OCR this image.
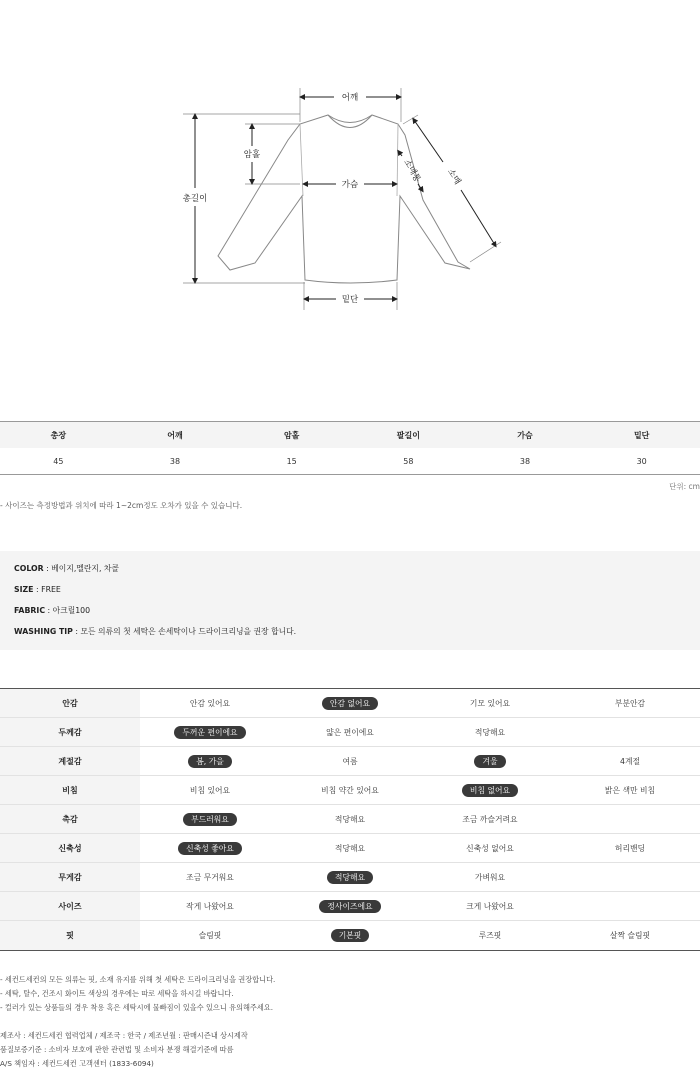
어깨
암홀
총길이
가슴
소매통	소매
밑단
총장	어깨	암홀	팔길이	가슴	밑단
45	38	15	58	38	30
단위: cm
- 사이즈는 측정방법과 위치에 따라 1~2cm정도 오차가 있을 수 있습니다.
COLOR : 베이지,멜란지, 차콜
SIZE : FREE
FABRIC : 아크릴100
WASHING TIP : 모든 의류의 첫 세탁은 손세탁이나 드라이크리닝을 권장 합니다.
안감	안감 있어요	안감 없어요	기모 있어요	부분안감
두께감	두꺼운 편이에요	얇은 편이에요	적당해요
계절감	봄, 가을	여름	겨울	4계절
비침	비침 있어요	비침 약간 있어요	비침 없어요	밝은 색만 비침
촉감	부드러워요	적당해요	조금 까슬거려요
신축성	신축성 좋아요	적당해요	신축성 없어요	허리밴딩
무게감	조금 무거워요	적당해요	가벼워요
사이즈	작게 나왔어요	정사이즈에요	크게 나왔어요
핏	슬림핏	기본핏	루즈핏	살짝 슬림핏
- 세컨드세컨의 모든 의류는 핏, 소재 유지를 위해 첫 세탁은 드라이크리닝을 권장합니다.
- 세탁, 탈수, 건조시 화이트 색상의 경우에는 따로 세탁을 하시길 바랍니다.
- 컬러가 있는 상품들의 경우 착용 혹은 세탁시에 물빠짐이 있을수 있으니 유의해주세요.
제조사 : 세컨드세컨 협력업체 / 제조국 : 한국 / 제조년월 : 판매시즌내 상시제작
품질보증기준 : 소비자 보호에 관한 관련법 및 소비자 분쟁 해결기준에 따름
A/S 책임자 : 세컨드세컨 고객센터 (1833-6094)
